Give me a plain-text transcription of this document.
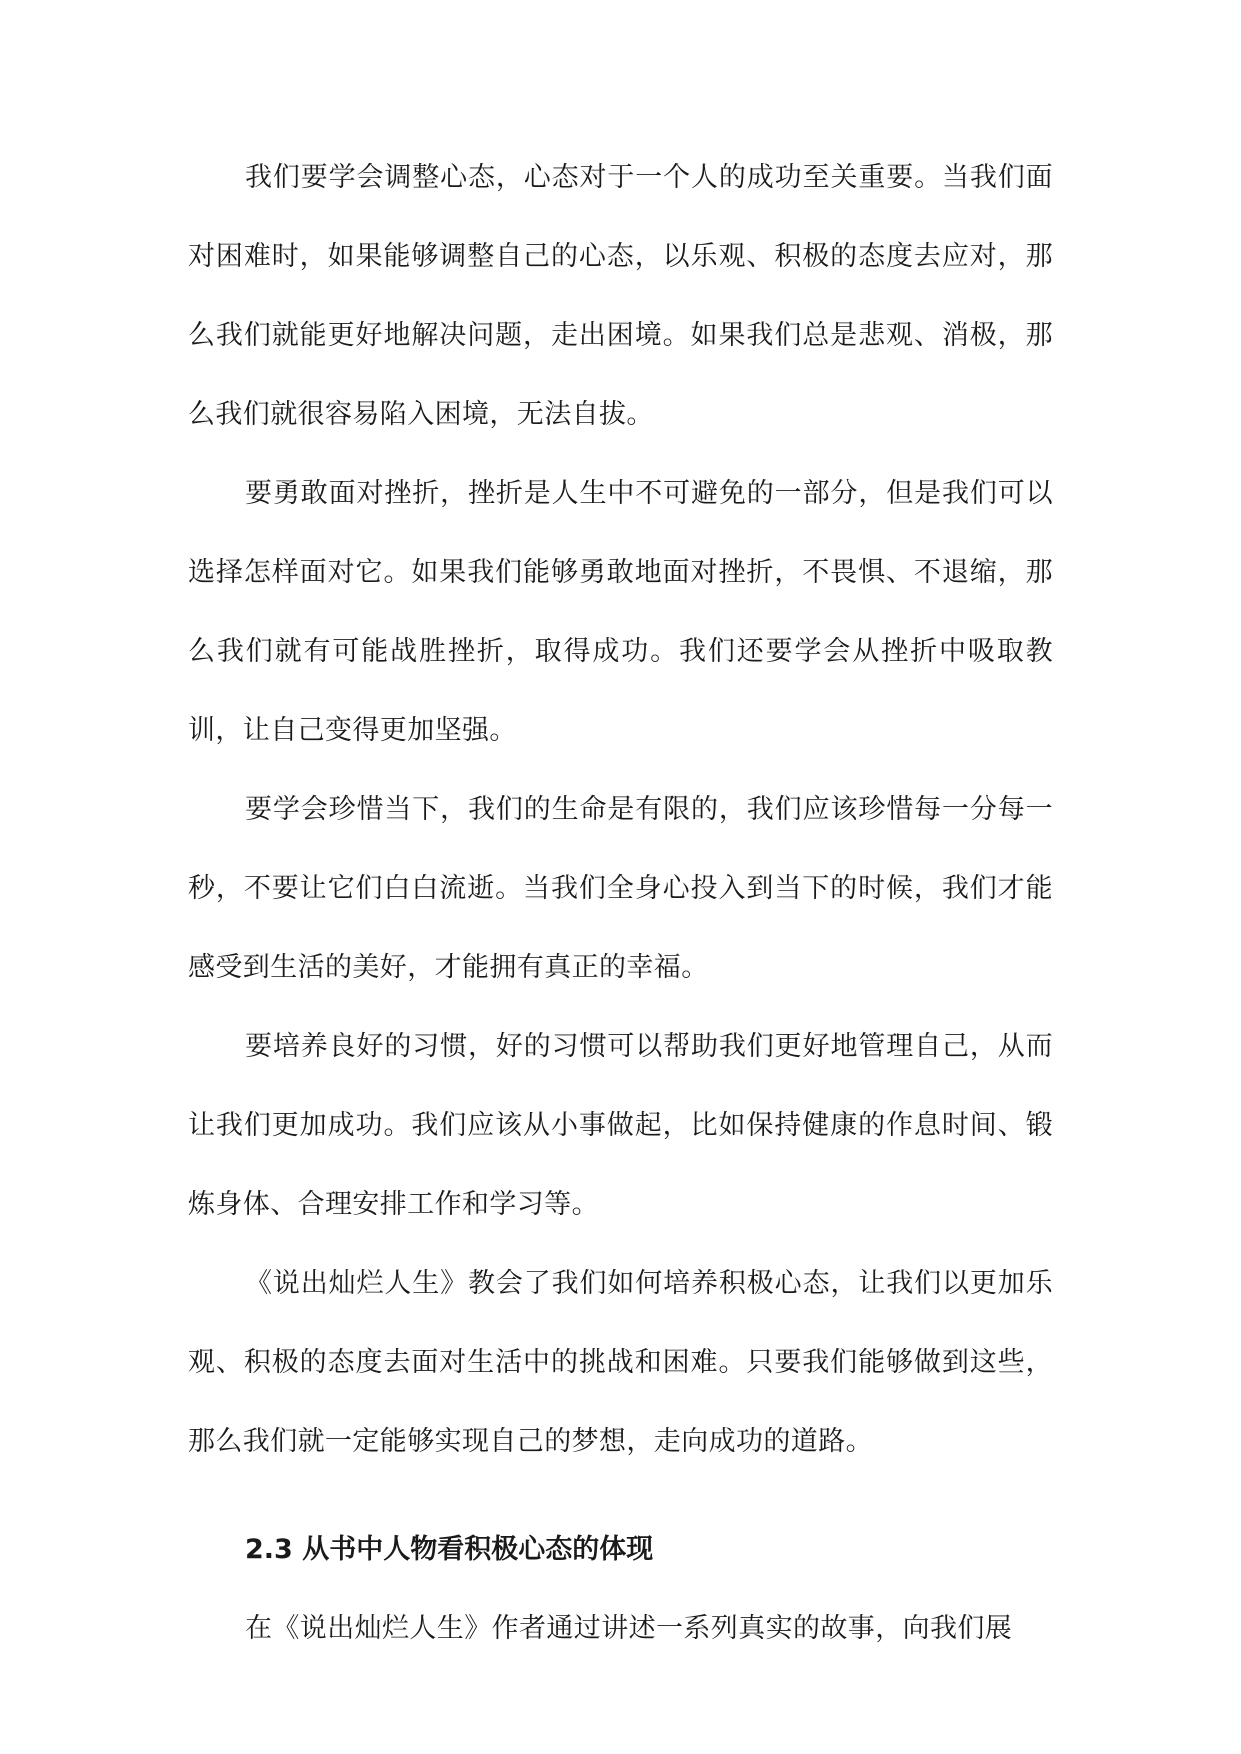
我们要学会调整心态，心态对于一个人的成功至关重要。当我们面对困难时，如果能够调整自己的心态，以乐观、积极的态度去应对，那么我们就能更好地解决问题，走出困境。如果我们总是悲观、消极，那么我们就很容易陷入困境，无法自拔。

要勇敢面对挫折，挫折是人生中不可避免的一部分，但是我们可以选择怎样面对它。如果我们能够勇敢地面对挫折，不畏惧、不退缩，那么我们就有可能战胜挫折，取得成功。我们还要学会从挫折中吸取教训，让自己变得更加坚强。

要学会珍惜当下，我们的生命是有限的，我们应该珍惜每一分每一秒，不要让它们白白流逝。当我们全身心投入到当下的时候，我们才能感受到生活的美好，才能拥有真正的幸福。

要培养良好的习惯，好的习惯可以帮助我们更好地管理自己，从而让我们更加成功。我们应该从小事做起，比如保持健康的作息时间、锻炼身体、合理安排工作和学习等。

《说出灿烂人生》教会了我们如何培养积极心态，让我们以更加乐观、积极的态度去面对生活中的挑战和困难。只要我们能够做到这些，那么我们就一定能够实现自己的梦想，走向成功的道路。

2.3 从书中人物看积极心态的体现

在《说出灿烂人生》作者通过讲述一系列真实的故事，向我们展
